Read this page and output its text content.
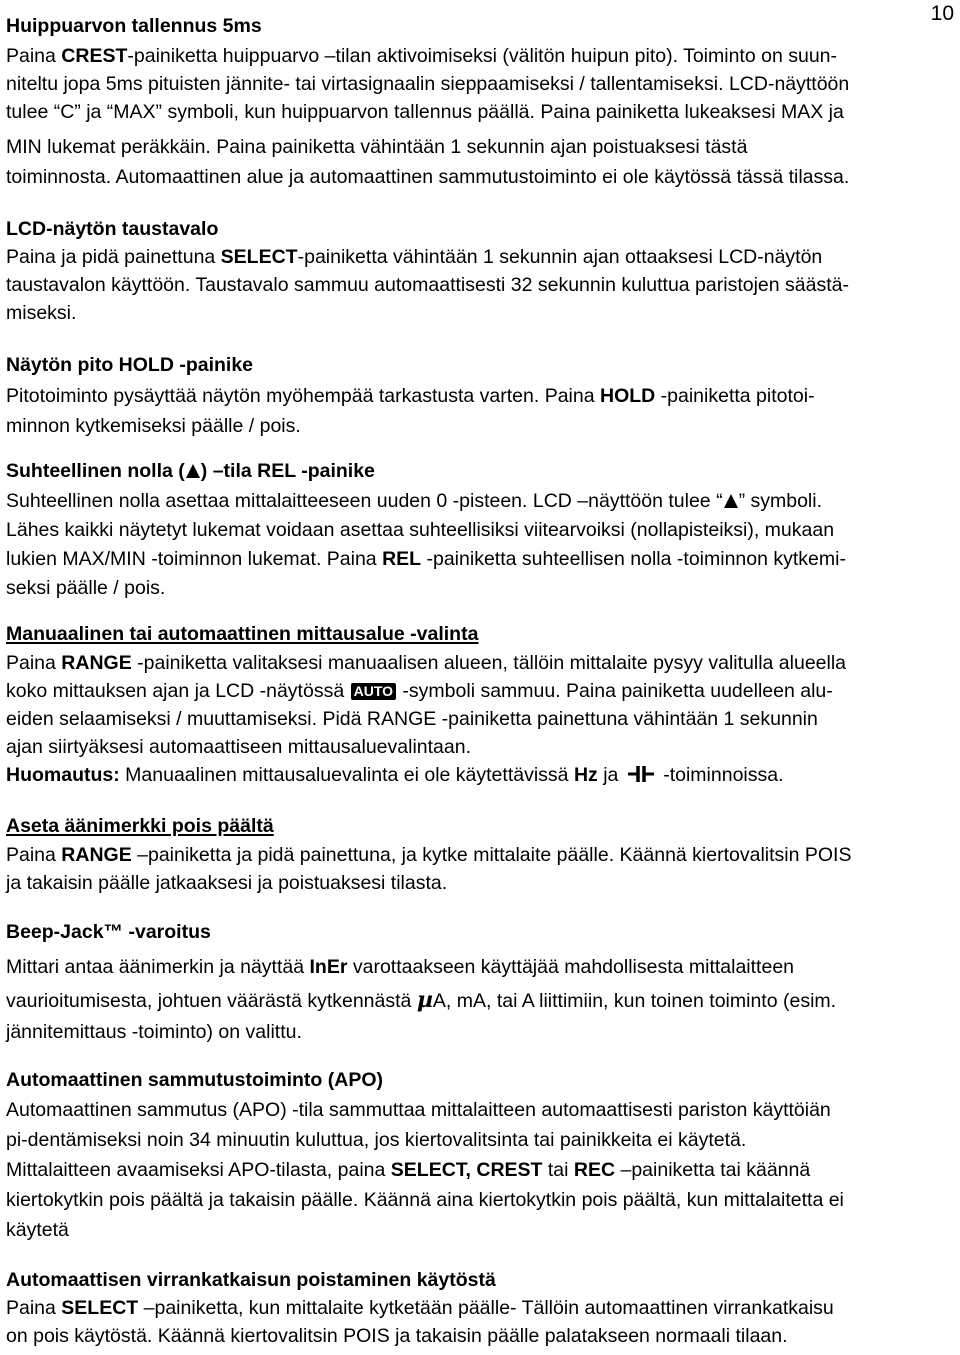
10
Huippuarvon tallennus 5ms
Paina CREST-painiketta huippuarvo –tilan aktivoimiseksi (välitön huipun pito). Toiminto on suun-
niteltu jopa 5ms pituisten jännite- tai virtasignaalin sieppaamiseksi / tallentamiseksi. LCD-näyttöön
tulee “C” ja “MAX” symboli, kun huippuarvon tallennus päällä. Paina painiketta lukeaksesi MAX ja
MIN lukemat peräkkäin. Paina painiketta vähintään 1 sekunnin ajan poistuaksesi tästä
toiminnosta. Automaattinen alue ja automaattinen sammutustoiminto ei ole käytössä tässä tilassa.
LCD-näytön taustavalo
Paina ja pidä painettuna SELECT-painiketta vähintään 1 sekunnin ajan ottaaksesi LCD-näytön
taustavalon käyttöön. Taustavalo sammuu automaattisesti 32 sekunnin kuluttua paristojen säästä-
miseksi.
Näytön pito HOLD -painike
Pitotoiminto pysäyttää näytön myöhempää tarkastusta varten. Paina HOLD -painiketta pitotoi-
minnon kytkemiseksi päälle / pois.
Suhteellinen nolla ( ) –tila REL -painike
Suhteellinen nolla asettaa mittalaitteeseen uuden 0 -pisteen. LCD –näyttöön tulee “ ” symboli.
Lähes kaikki näytetyt lukemat voidaan asettaa suhteellisiksi viitearvoiksi (nollapisteiksi), mukaan
lukien MAX/MIN -toiminnon lukemat. Paina REL -painiketta suhteellisen nolla -toiminnon kytkemi-
seksi päälle / pois.
Manuaalinen tai automaattinen mittausalue -valinta
Paina RANGE -painiketta valitaksesi manuaalisen alueen, tällöin mittalaite pysyy valitulla alueella
koko mittauksen ajan ja LCD -näytössä AUTO -symboli sammuu. Paina painiketta uudelleen alu-
eiden selaamiseksi / muuttamiseksi. Pidä RANGE -painiketta painettuna vähintään 1 sekunnin
ajan siirtyäksesi automaattiseen mittausaluevalintaan.
Huomautus: Manuaalinen mittausaluevalinta ei ole käytettävissä Hz ja  -toiminnoissa.
Aseta äänimerkki pois päältä
Paina RANGE –painiketta ja pidä painettuna, ja kytke mittalaite päälle. Käännä kiertovalitsin POIS
ja takaisin päälle jatkaaksesi ja poistuaksesi tilasta.
Beep-Jack™ -varoitus
Mittari antaa äänimerkin ja näyttää InEr varottaakseen käyttäjää mahdollisesta mittalaitteen
vaurioitumisesta, johtuen väärästä kytkennästä µA, mA, tai A liittimiin, kun toinen toiminto (esim.
jännitemittaus -toiminto) on valittu.
Automaattinen sammutustoiminto (APO)
Automaattinen sammutus (APO) -tila sammuttaa mittalaitteen automaattisesti pariston käyttöiän
pi-dentämiseksi noin 34 minuutin kuluttua, jos kiertovalitsinta tai painikkeita ei käytetä.
Mittalaitteen avaamiseksi APO-tilasta, paina SELECT, CREST tai REC –painiketta tai käännä
kiertokytkin pois päältä ja takaisin päälle. Käännä aina kiertokytkin pois päältä, kun mittalaitetta ei
käytetä
Automaattisen virrankatkaisun poistaminen käytöstä
Paina SELECT –painiketta, kun mittalaite kytketään päälle- Tällöin automaattinen virrankatkaisu
on pois käytöstä. Käännä kiertovalitsin POIS ja takaisin päälle palatakseen normaali tilaan.
